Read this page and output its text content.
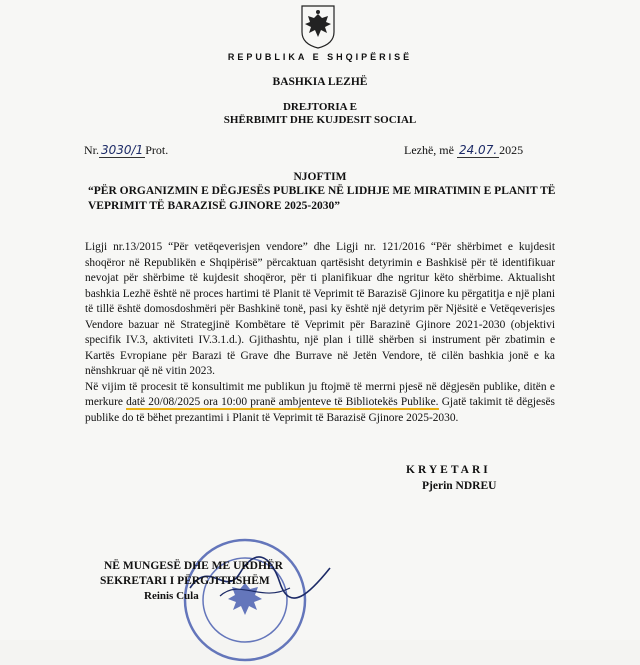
REPUBLIKA E SHQIPËRISË
BASHKIA LEZHË
DREJTORIA E
SHËRBIMIT DHE KUJDESIT SOCIAL
Nr. 3030/1 Prot.	Lezhë, më 24.07. 2025
NJOFTIM
“PËR ORGANIZMIN E DËGJESËS PUBLIKE NË LIDHJE ME MIRATIMIN E PLANIT TË VEPRIMIT TË BARAZISË GJINORE 2025-2030”

Ligji nr.13/2015 “Për vetëqeverisjen vendore” dhe Ligji nr. 121/2016 “Për shërbimet e kujdesit shoqëror në Republikën e Shqipërisë” përcaktuan qartësisht detyrimin e Bashkisë për të identifikuar nevojat për shërbime të kujdesit shoqëror, për ti planifikuar dhe ngritur këto shërbime. Aktualisht bashkia Lezhë është në proces hartimi të Planit të Veprimit të Barazisë Gjinore ku përgatitja e një plani të tillë është domosdoshmëri për Bashkinë tonë, pasi ky është një detyrim për Njësitë e Vetëqeverisjes Vendore bazuar në Strategjinë Kombëtare të Veprimit për Barazinë Gjinore 2021-2030 (objektivi specifik IV.3, aktiviteti IV.3.1.d.). Gjithashtu, një plan i tillë shërben si instrument për zbatimin e Kartës Evropiane për Barazi të Grave dhe Burrave në Jetën Vendore, të cilën bashkia jonë e ka nënshkruar që në vitin 2023.

Në vijim të procesit të konsultimit me publikun ju ftojmë të merrni pjesë në dëgjesën publike, ditën e merkure datë 20/08/2025 ora 10:00 pranë ambjenteve të Bibliotekës Publike. Gjatë takimit të dëgjesës publike do të bëhet prezantimi i Planit të Veprimit të Barazisë Gjinore 2025-2030.

KRYETARI
Pjerin NDREU
NË MUNGESË DHE ME URDHËR
SEKRETARI I PËRGJITHSHËM
Reinis Cula
